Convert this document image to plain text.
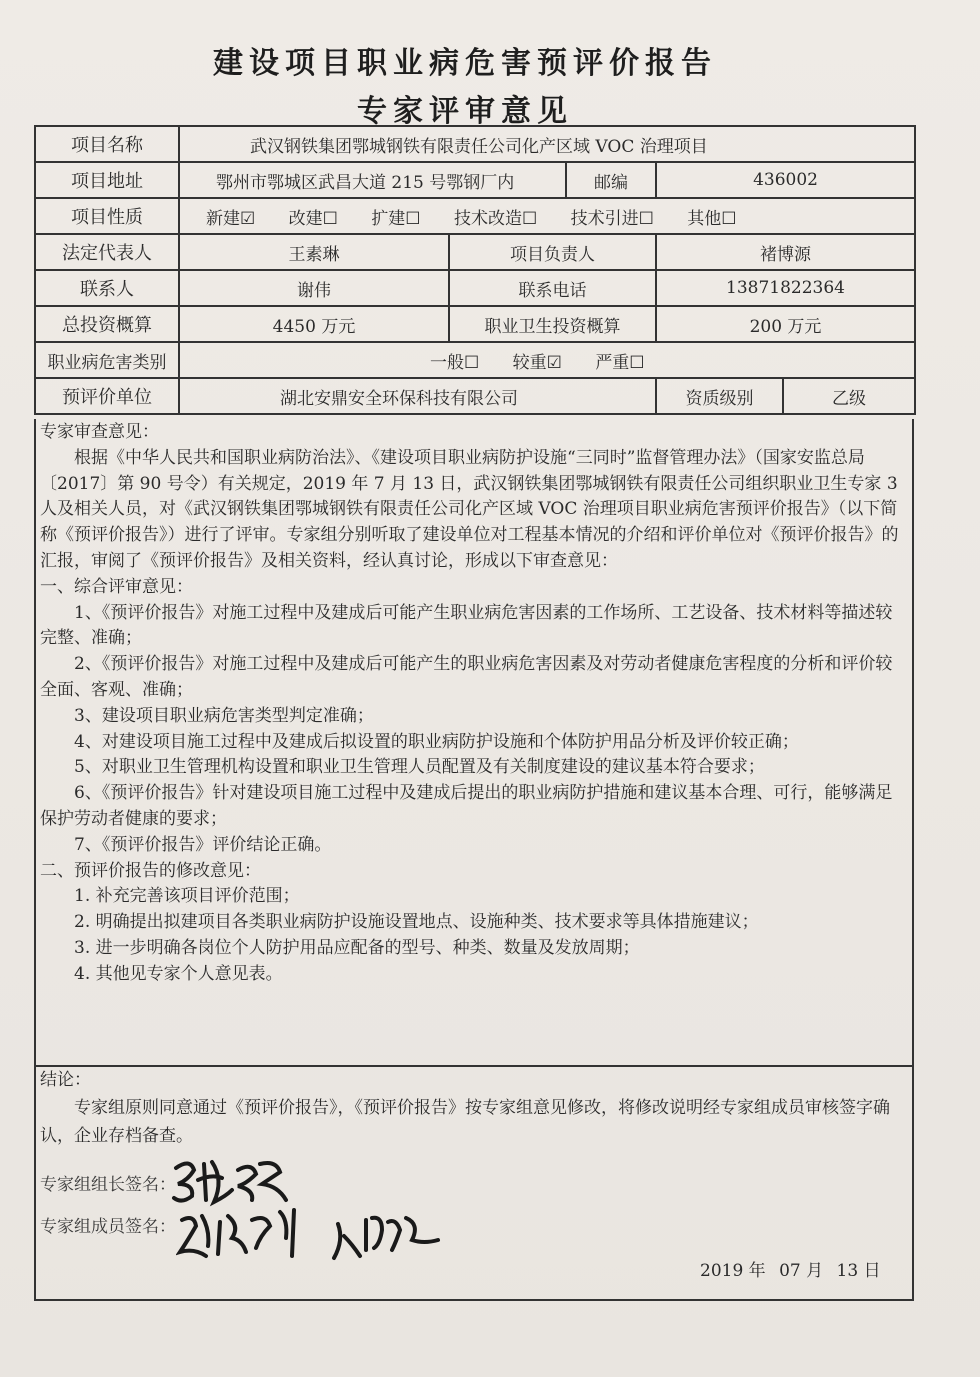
建设项目职业病危害预评价报告
专家评审意见
项目名称	武汉钢铁集团鄂城钢铁有限责任公司化产区域 VOC 治理项目				
项目地址	鄂州市鄂城区武昌大道 215 号鄂钢厂内		邮编	436002	
项目性质	新建☑ 改建☐ 扩建☐ 技术改造☐ 技术引进☐ 其他☐				
法定代表人	王素琳	项目负责人		褚博源	
联系人	谢伟	联系电话		13871822364	
总投资概算	4450 万元	职业卫生投资概算		200 万元	
职业病危害类别	一般☐ 较重☑ 严重☐				
预评价单位	湖北安鼎安全环保科技有限公司			资质级别	乙级

专家审查意见：

根据《中华人民共和国职业病防治法》、《建设项目职业病防护设施“三同时”监督管理办法》（国家安监总局〔2017〕第 90 号令）有关规定，2019 年 7 月 13 日，武汉钢铁集团鄂城钢铁有限责任公司组织职业卫生专家 3 人及相关人员，对《武汉钢铁集团鄂城钢铁有限责任公司化产区域 VOC 治理项目职业病危害预评价报告》（以下简称《预评价报告》）进行了评审。专家组分别听取了建设单位对工程基本情况的介绍和评价单位对《预评价报告》的汇报，审阅了《预评价报告》及相关资料，经认真讨论，形成以下审查意见：

一、综合评审意见：

1、《预评价报告》对施工过程中及建成后可能产生职业病危害因素的工作场所、工艺设备、技术材料等描述较完整、准确；

2、《预评价报告》对施工过程中及建成后可能产生的职业病危害因素及对劳动者健康危害程度的分析和评价较全面、客观、准确；

3、建设项目职业病危害类型判定准确；

4、对建设项目施工过程中及建成后拟设置的职业病防护设施和个体防护用品分析及评价较正确；

5、对职业卫生管理机构设置和职业卫生管理人员配置及有关制度建设的建议基本符合要求；

6、《预评价报告》针对建设项目施工过程中及建成后提出的职业病防护措施和建议基本合理、可行，能够满足保护劳动者健康的要求；

7、《预评价报告》评价结论正确。

二、预评价报告的修改意见：

1. 补充完善该项目评价范围；

2. 明确提出拟建项目各类职业病防护设施设置地点、设施种类、技术要求等具体措施建议；

3. 进一步明确各岗位个人防护用品应配备的型号、种类、数量及发放周期；

4. 其他见专家个人意见表。

结论：

专家组原则同意通过《预评价报告》，《预评价报告》按专家组意见修改，将修改说明经专家组成员审核签字确认，企业存档备查。

专家组组长签名：
专家组成员签名：
2019 年 07 月 13 日
